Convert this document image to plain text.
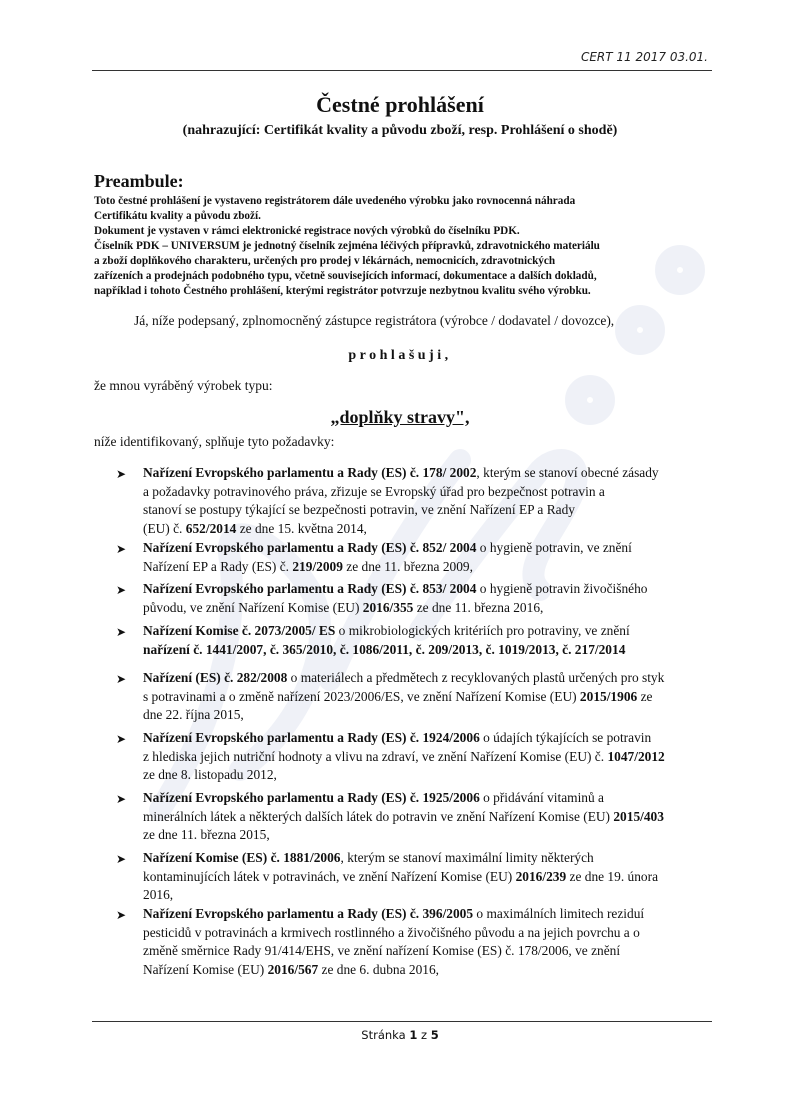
CERT 11 2017 03.01.
Čestné prohlášení
(nahrazující: Certifikát kvality a původu zboží, resp. Prohlášení o shodě)
Preambule:

Toto čestné prohlášení je vystaveno registrátorem dále uvedeného výrobku jako rovnocenná náhrada

Certifikátu kvality a původu zboží.

Dokument je vystaven v rámci elektronické registrace nových výrobků do číselníku PDK.

Číselník PDK – UNIVERSUM je jednotný číselník zejména léčivých přípravků, zdravotnického materiálu

a zboží doplňkového charakteru, určených pro prodej v lékárnách, nemocnicích, zdravotnických

zařízeních a prodejnách podobného typu, včetně souvisejících informací, dokumentace a dalších dokladů,

například i tohoto Čestného prohlášení, kterými registrátor potvrzuje nezbytnou kvalitu svého výrobku.

Já, níže podepsaný, zplnomocněný zástupce registrátora (výrobce / dodavatel / dovozce),
prohlašuji,
že mnou vyráběný výrobek typu:
„doplňky stravy",
níže identifikovaný, splňuje tyto požadavky:
➤ Nařízení Evropského parlamentu a Rady (ES) č. 178/ 2002, kterým se stanoví obecné zásady
a požadavky potravinového práva, zřizuje se Evropský úřad pro bezpečnost potravin a
stanoví se postupy týkající se bezpečnosti potravin, ve znění Nařízení EP a Rady
(EU) č. 652/2014 ze dne 15. května 2014,
➤ Nařízení Evropského parlamentu a Rady (ES) č. 852/ 2004 o hygieně potravin, ve znění
Nařízení EP a Rady (ES) č. 219/2009 ze dne 11. března 2009,
➤ Nařízení Evropského parlamentu a Rady (ES) č. 853/ 2004 o hygieně potravin živočišného
původu, ve znění Nařízení Komise (EU) 2016/355 ze dne 11. března 2016,
➤ Nařízení Komise č. 2073/2005/ ES o mikrobiologických kritériích pro potraviny, ve znění
nařízení č. 1441/2007, č. 365/2010, č. 1086/2011, č. 209/2013, č. 1019/2013, č. 217/2014
➤ Nařízení (ES) č. 282/2008 o materiálech a předmětech z recyklovaných plastů určených pro styk
s potravinami a o změně nařízení 2023/2006/ES, ve znění Nařízení Komise (EU) 2015/1906 ze
dne 22. října 2015,
➤ Nařízení Evropského parlamentu a Rady (ES) č. 1924/2006 o údajích týkajících se potravin
z hlediska jejich nutriční hodnoty a vlivu na zdraví, ve znění Nařízení Komise (EU) č. 1047/2012
ze dne 8. listopadu 2012,
➤ Nařízení Evropského parlamentu a Rady (ES) č. 1925/2006 o přidávání vitaminů a
minerálních látek a některých dalších látek do potravin ve znění Nařízení Komise (EU) 2015/403
ze dne 11. března 2015,
➤ Nařízení Komise (ES) č. 1881/2006, kterým se stanoví maximální limity některých
kontaminujících látek v potravinách, ve znění Nařízení Komise (EU) 2016/239 ze dne 19. února
2016,
➤ Nařízení Evropského parlamentu a Rady (ES) č. 396/2005 o maximálních limitech reziduí
pesticidů v potravinách a krmivech rostlinného a živočišného původu a na jejich povrchu a o
změně směrnice Rady 91/414/EHS, ve znění nařízení Komise (ES) č. 178/2006, ve znění
Nařízení Komise (EU) 2016/567 ze dne 6. dubna 2016,
Stránka 1 z 5
